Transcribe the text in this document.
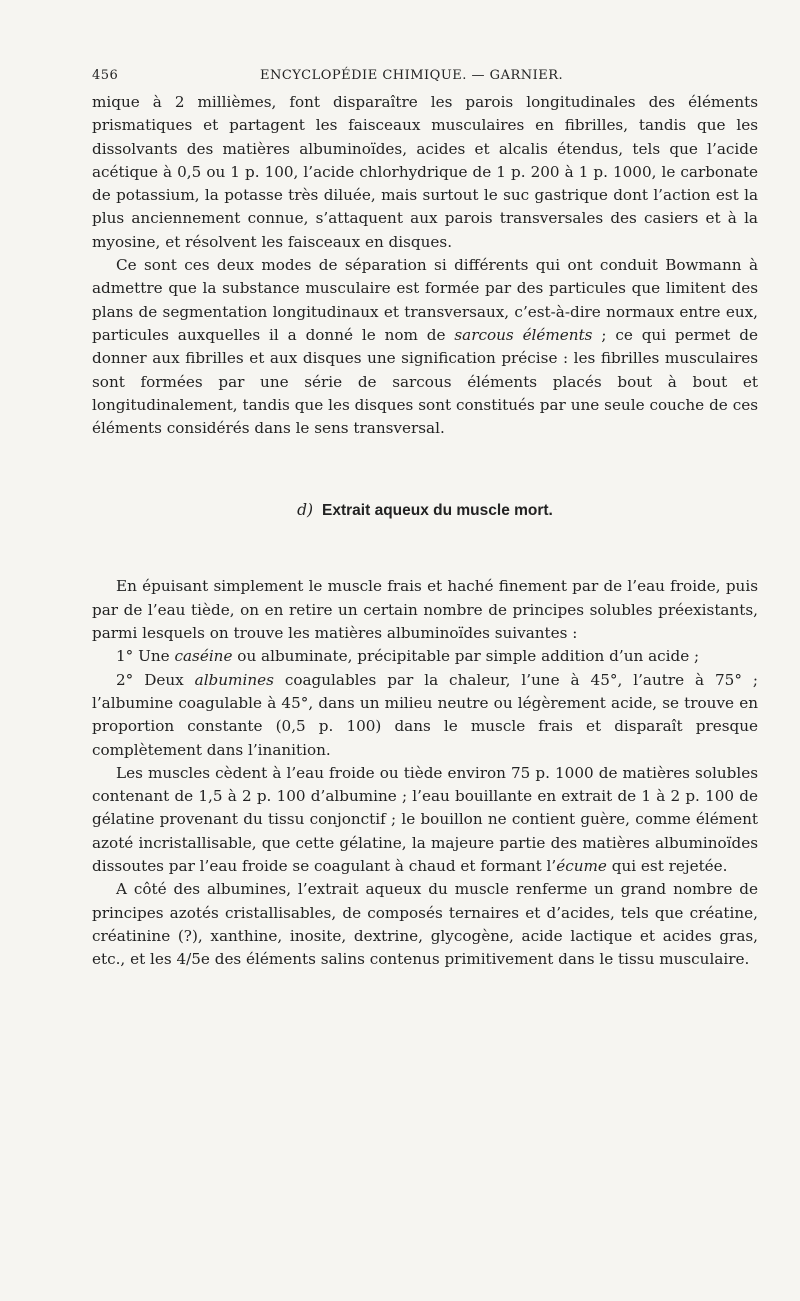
456	ENCYCLOPÉDIE CHIMIQUE. — GARNIER.

mique à 2 millièmes, font disparaître les parois longitudinales des éléments prismatiques et partagent les faisceaux musculaires en fibrilles, tandis que les dissolvants des matières albuminoïdes, acides et alcalis étendus, tels que l’acide acétique à 0,5 ou 1 p. 100, l’acide chlorhydrique de 1 p. 200 à 1 p. 1000, le carbonate de potassium, la potasse très diluée, mais surtout le suc gastrique dont l’action est la plus anciennement connue, s’attaquent aux parois transversales des casiers et à la myosine, et résolvent les faisceaux en disques.

Ce sont ces deux modes de séparation si différents qui ont conduit Bowmann à admettre que la substance musculaire est formée par des particules que limitent des plans de segmentation longitudinaux et transversaux, c’est-à-dire normaux entre eux, particules auxquelles il a donné le nom de sarcous éléments ; ce qui permet de donner aux fibrilles et aux disques une signification précise : les fibrilles musculaires sont formées par une série de sarcous éléments placés bout à bout et longitudinalement, tandis que les disques sont constitués par une seule couche de ces éléments considérés dans le sens transversal.

d) Extrait aqueux du muscle mort.

En épuisant simplement le muscle frais et haché finement par de l’eau froide, puis par de l’eau tiède, on en retire un certain nombre de principes solubles préexistants, parmi lesquels on trouve les matières albuminoïdes suivantes :

1° Une caséine ou albuminate, précipitable par simple addition d’un acide ;

2° Deux albumines coagulables par la chaleur, l’une à 45°, l’autre à 75° ; l’albumine coagulable à 45°, dans un milieu neutre ou légèrement acide, se trouve en proportion constante (0,5 p. 100) dans le muscle frais et disparaît presque complètement dans l’inanition.

Les muscles cèdent à l’eau froide ou tiède environ 75 p. 1000 de matières solubles contenant de 1,5 à 2 p. 100 d’albumine ; l’eau bouillante en extrait de 1 à 2 p. 100 de gélatine provenant du tissu conjonctif ; le bouillon ne contient guère, comme élément azoté incristallisable, que cette gélatine, la majeure partie des matières albuminoïdes dissoutes par l’eau froide se coagulant à chaud et formant l’écume qui est rejetée.

A côté des albumines, l’extrait aqueux du muscle renferme un grand nombre de principes azotés cristallisables, de composés ternaires et d’acides, tels que créatine, créatinine (?), xanthine, inosite, dextrine, glycogène, acide lactique et acides gras, etc., et les 4/5e des éléments salins contenus primitivement dans le tissu musculaire.
